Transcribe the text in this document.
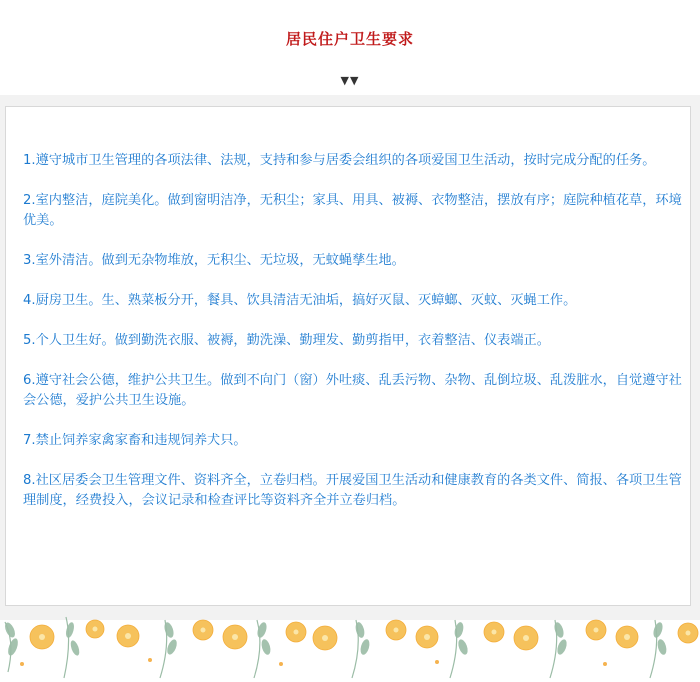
居民住户卫生要求
▼▼
1.遵守城市卫生管理的各项法律、法规，支持和参与居委会组织的各项爱国卫生活动，按时完成分配的任务。
2.室内整洁，庭院美化。做到窗明洁净，无积尘；家具、用具、被褥、衣物整洁，摆放有序；庭院种植花草，环境优美。
3.室外清洁。做到无杂物堆放，无积尘、无垃圾，无蚊蝇孳生地。
4.厨房卫生。生、熟菜板分开，餐具、饮具清洁无油垢，搞好灭鼠、灭蟑螂、灭蚊、灭蝇工作。
5.个人卫生好。做到勤洗衣服、被褥，勤洗澡、勤理发、勤剪指甲，衣着整洁、仪表端正。
6.遵守社会公德，维护公共卫生。做到不向门（窗）外吐痰、乱丢污物、杂物、乱倒垃圾、乱泼脏水，自觉遵守社会公德，爱护公共卫生设施。
7.禁止饲养家禽家畜和违规饲养犬只。
8.社区居委会卫生管理文件、资料齐全，立卷归档。开展爱国卫生活动和健康教育的各类文件、简报、各项卫生管理制度，经费投入，会议记录和检查评比等资料齐全并立卷归档。
